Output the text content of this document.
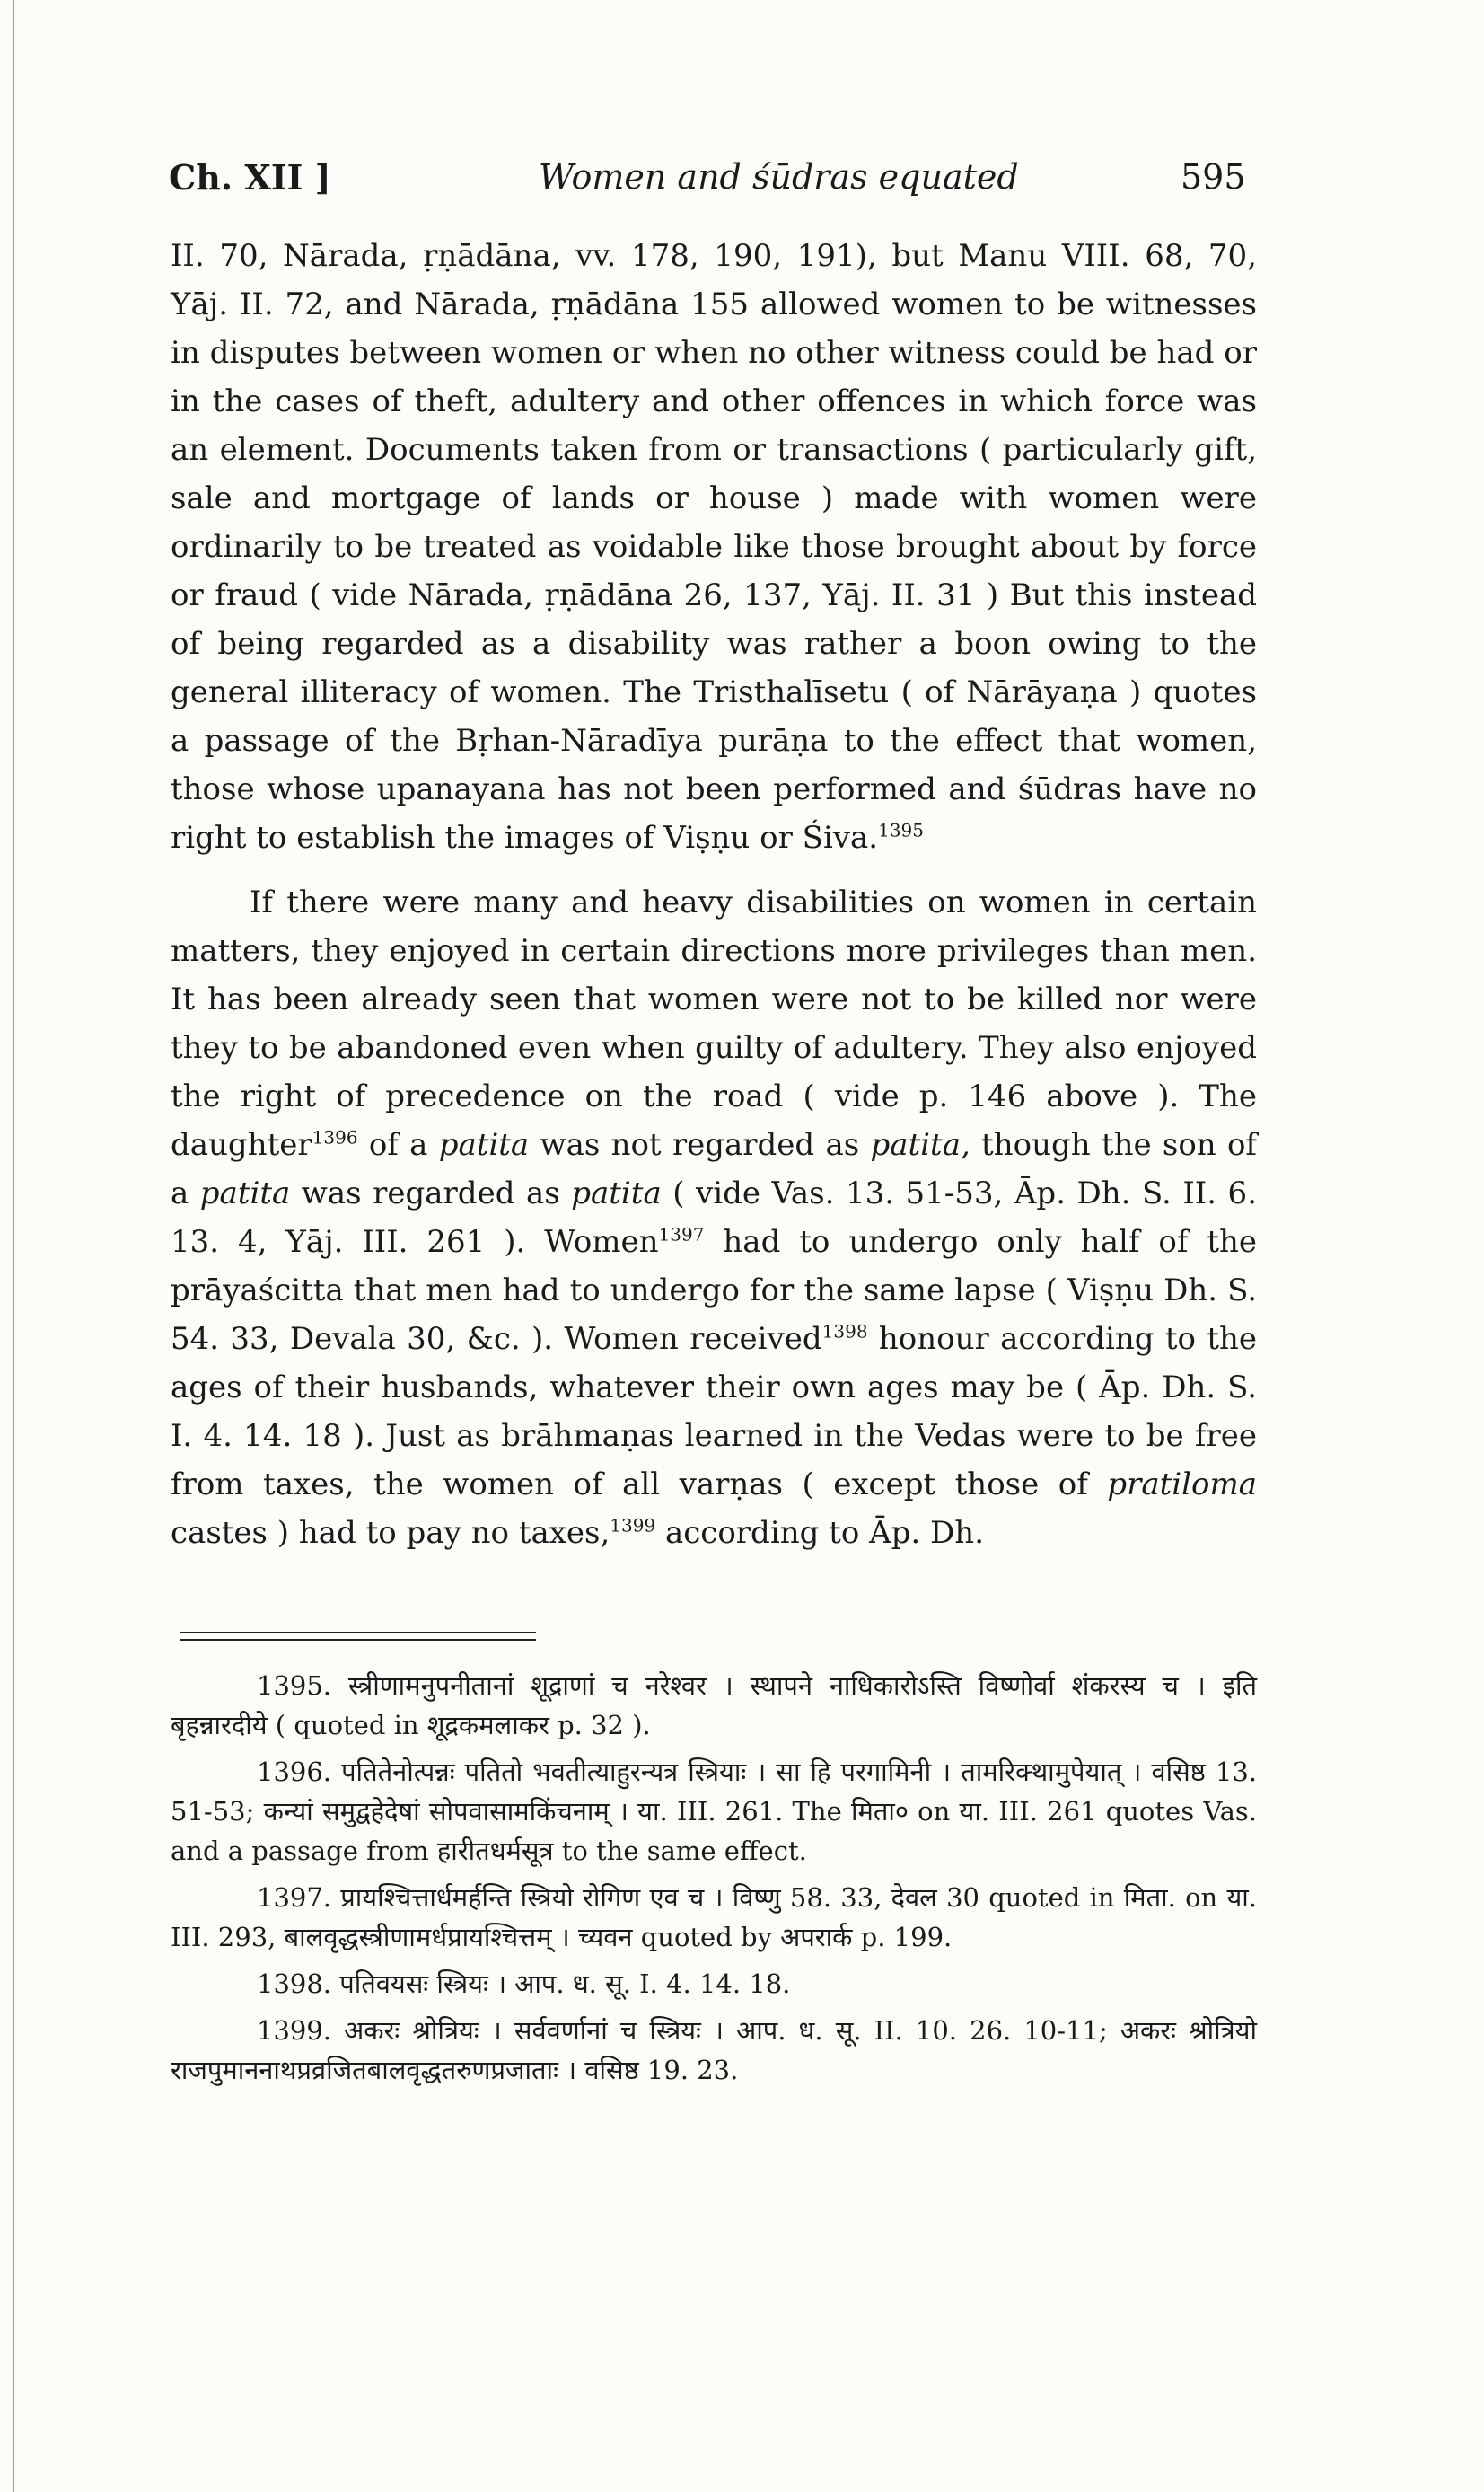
Ch. XII ]	Women and śūdras equated	595

II. 70, Nārada, ṛṇādāna, vv. 178, 190, 191), but Manu VIII. 68, 70, Yāj. II. 72, and Nārada, ṛṇādāna 155 allowed women to be witnesses in disputes between women or when no other witness could be had or in the cases of theft, adultery and other offences in which force was an element. Documents taken from or transactions ( particularly gift, sale and mortgage of lands or house ) made with women were ordinarily to be treated as voidable like those brought about by force or fraud ( vide Nārada, ṛṇādāna 26, 137, Yāj. II. 31 ) But this instead of being regarded as a disability was rather a boon owing to the general illiteracy of women. The Tristhalīsetu ( of Nārāyaṇa ) quotes a passage of the Bṛhan-Nāradīya purāṇa to the effect that women, those whose upanayana has not been performed and śūdras have no right to establish the images of Viṣṇu or Śiva.$^{1395}$

If there were many and heavy disabilities on women in certain matters, they enjoyed in certain directions more privileges than men. It has been already seen that women were not to be killed nor were they to be abandoned even when guilty of adultery. They also enjoyed the right of precedence on the road ( vide p. 146 above ). The daughter$^{1396}$ of a patita was not regarded as patita, though the son of a patita was regarded as patita ( vide Vas. 13. 51-53, Āp. Dh. S. II. 6. 13. 4, Yāj. III. 261 ). Women$^{1397}$ had to undergo only half of the prāyaścitta that men had to undergo for the same lapse ( Viṣṇu Dh. S. 54. 33, Devala 30, &c. ). Women received$^{1398}$ honour according to the ages of their husbands, whatever their own ages may be ( Āp. Dh. S. I. 4. 14. 18 ). Just as brāhmaṇas learned in the Vedas were to be free from taxes, the women of all varṇas ( except those of pratiloma castes ) had to pay no taxes,$^{1399}$ according to Āp. Dh.

1395. स्त्रीणामनुपनीतानां शूद्राणां च नरेश्वर । स्थापने नाधिकारोऽस्ति विष्णोर्वा शंकरस्य च । इति बृहन्नारदीये ( quoted in शूद्रकमलाकर p. 32 ).

1396. पतितेनोत्पन्नः पतितो भवतीत्याहुरन्यत्र स्त्रियाः । सा हि परगामिनी । तामरिक्थामुपेयात् । वसिष्ठ 13. 51-53; कन्यां समुद्वहेदेषां सोपवासामकिंचनाम् । या. III. 261. The मिता० on या. III. 261 quotes Vas. and a passage from हारीतधर्मसूत्र to the same effect.

1397. प्रायश्चित्तार्धमर्हन्ति स्त्रियो रोगिण एव च । विष्णु 58. 33, देवल 30 quoted in मिता. on या. III. 293, बालवृद्धस्त्रीणामर्धप्रायश्चित्तम् । च्यवन quoted by अपरार्क p. 199.

1398. पतिवयसः स्त्रियः । आप. ध. सू. I. 4. 14. 18.

1399. अकरः श्रोत्रियः । सर्ववर्णानां च स्त्रियः । आप. ध. सू. II. 10. 26. 10-11; अकरः श्रोत्रियो राजपुमाननाथप्रव्रजितबालवृद्धतरुणप्रजाताः । वसिष्ठ 19. 23.
